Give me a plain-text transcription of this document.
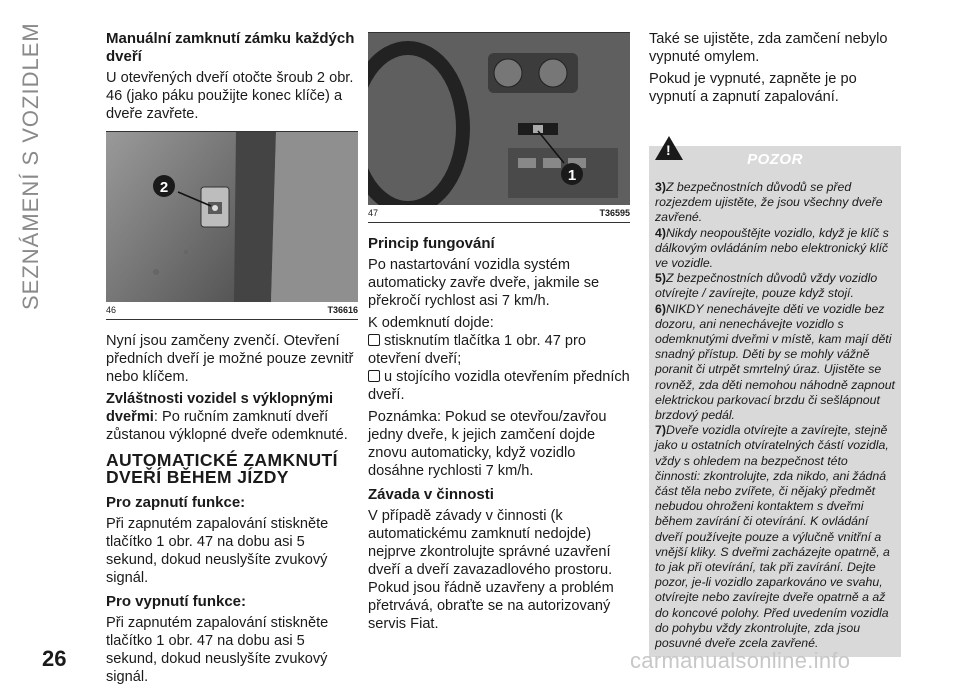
SEZNÁMENÍ S VOZIDLEM	Manuální zamknutí zámku každých dveří
U otevřených dveří otočte šroub 2 obr. 46 (jako páku použijte konec klíče) a dveře zavřete.
2
46	T36616
Nyní jsou zamčeny zvenčí. Otevření předních dveří je možné pouze zevnitř nebo klíčem.
Zvláštnosti vozidel s výklopnými dveřmi: Po ručním zamknutí dveří zůstanou výklopné dveře odemknuté.
AUTOMATICKÉ ZAMKNUTÍ DVEŘÍ BĚHEM JÍZDY
Pro zapnutí funkce:
Při zapnutém zapalování stiskněte tlačítko 1 obr. 47 na dobu asi 5 sekund, dokud neuslyšíte zvukový signál.
Pro vypnutí funkce:
Při zapnutém zapalování stiskněte tlačítko 1 obr. 47 na dobu asi 5 sekund, dokud neuslyšíte zvukový signál.
1
47	T36595
Princip fungování
Po nastartování vozidla systém automaticky zavře dveře, jakmile se překročí rychlost asi 7 km/h.
K odemknutí dojde:
stisknutím tlačítka 1 obr. 47 pro otevření dveří;
u stojícího vozidla otevřením předních dveří.
Poznámka: Pokud se otevřou/zavřou jedny dveře, k jejich zamčení dojde znovu automaticky, když vozidlo dosáhne rychlosti 7 km/h.
Závada v činnosti
V případě závady v činnosti (k automatickému zamknutí nedojde) nejprve zkontrolujte správné uzavření dveří a dveří zavazadlového prostoru. Pokud jsou řádně uzavřeny a problém přetrvává, obraťte se na autorizovaný servis Fiat.
Také se ujistěte, zda zamčení nebylo vypnuté omylem.
Pokud je vypnuté, zapněte je po vypnutí a zapnutí zapalování.
!
POZOR

3)Z bezpečnostních důvodů se před rozjezdem ujistěte, že jsou všechny dveře zavřené.

4)Nikdy neopouštějte vozidlo, když je klíč s dálkovým ovládáním nebo elektronický klíč ve vozidle.

5)Z bezpečnostních důvodů vždy vozidlo otvírejte / zavírejte, pouze když stojí.

6)NIKDY nenechávejte děti ve vozidle bez dozoru, ani nenechávejte vozidlo s odemknutými dveřmi v místě, kam mají děti snadný přístup. Děti by se mohly vážně poranit či utrpět smrtelný úraz. Ujistěte se rovněž, zda děti nemohou náhodně zapnout elektrickou parkovací brzdu či sešlápnout brzdový pedál.

7)Dveře vozidla otvírejte a zavírejte, stejně jako u ostatních otvíratelných částí vozidla, vždy s ohledem na bezpečnost této činnosti: zkontrolujte, zda nikdo, ani žádná část těla nebo zvířete, či nějaký předmět nebudou ohroženi kontaktem s dveřmi během zavírání či otevírání. K ovládání dveří používejte pouze a výlučně vnitřní a vnější kliky. S dveřmi zacházejte opatrně, a to jak při otevírání, tak při zavírání. Dejte pozor, je-li vozidlo zaparkováno ve svahu, otvírejte nebo zavírejte dveře opatrně a až do koncové polohy. Před uvedením vozidla do pohybu vždy zkontrolujte, zda jsou posuvné dveře zcela zavřené.

26	carmanualsonline.info
